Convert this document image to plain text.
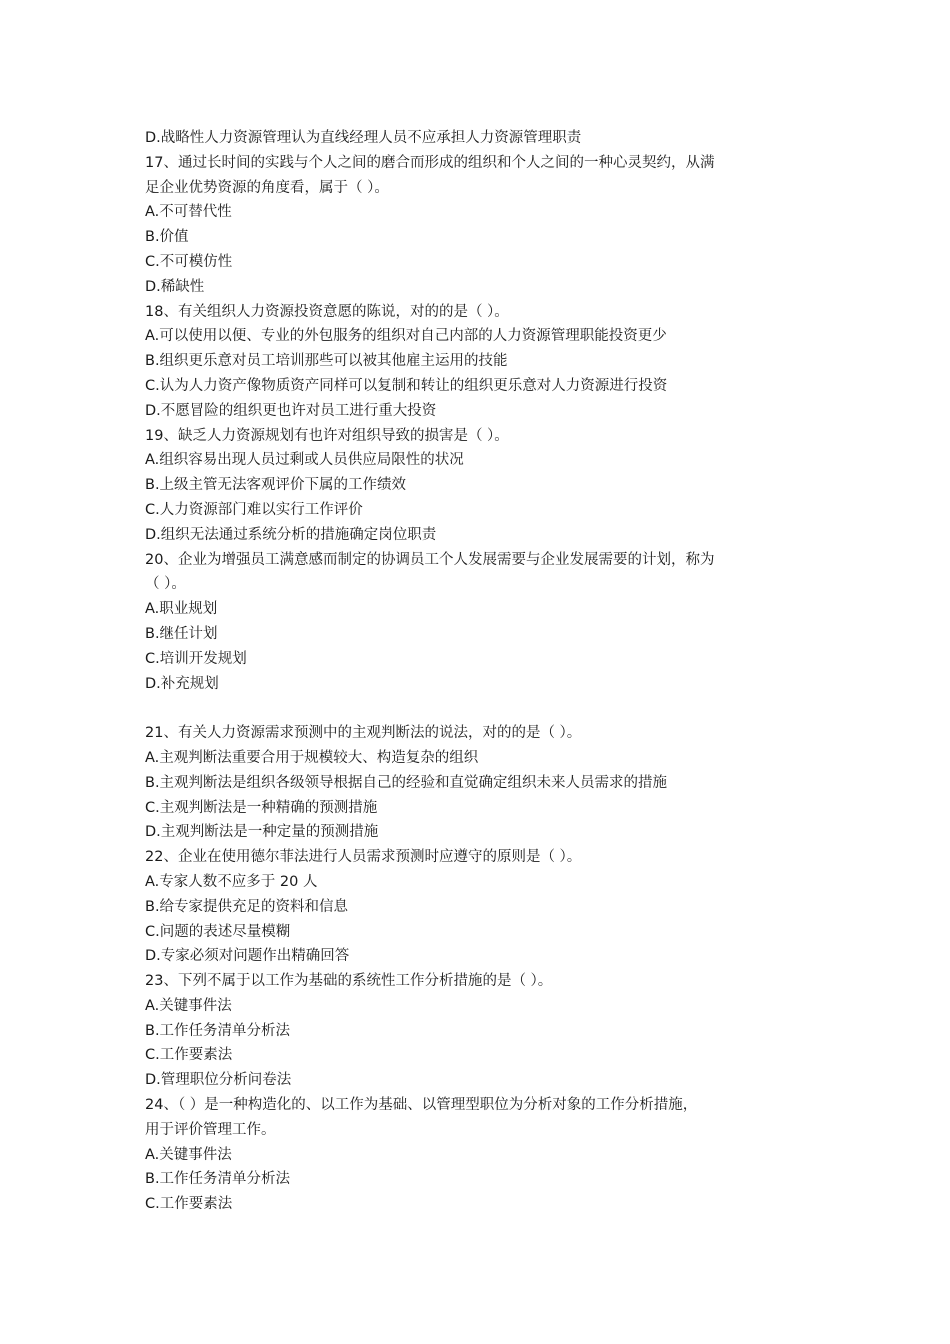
D.战略性人力资源管理认为直线经理人员不应承担人力资源管理职责
17、通过长时间的实践与个人之间的磨合而形成的组织和个人之间的一种心灵契约，从满
足企业优势资源的角度看，属于（ ）。
A.不可替代性
B.价值
C.不可模仿性
D.稀缺性
18、有关组织人力资源投资意愿的陈说，对的的是（ ）。
A.可以使用以便、专业的外包服务的组织对自己内部的人力资源管理职能投资更少
B.组织更乐意对员工培训那些可以被其他雇主运用的技能
C.认为人力资产像物质资产同样可以复制和转让的组织更乐意对人力资源进行投资
D.不愿冒险的组织更也许对员工进行重大投资
19、缺乏人力资源规划有也许对组织导致的损害是（ ）。
A.组织容易出现人员过剩或人员供应局限性的状况
B.上级主管无法客观评价下属的工作绩效
C.人力资源部门难以实行工作评价
D.组织无法通过系统分析的措施确定岗位职责
20、企业为增强员工满意感而制定的协调员工个人发展需要与企业发展需要的计划，称为
（ ）。
A.职业规划
B.继任计划
C.培训开发规划
D.补充规划
21、有关人力资源需求预测中的主观判断法的说法，对的的是（ ）。
A.主观判断法重要合用于规模较大、构造复杂的组织
B.主观判断法是组织各级领导根据自己的经验和直觉确定组织未来人员需求的措施
C.主观判断法是一种精确的预测措施
D.主观判断法是一种定量的预测措施
22、企业在使用德尔菲法进行人员需求预测时应遵守的原则是（ ）。
A.专家人数不应多于 20 人
B.给专家提供充足的资料和信息
C.问题的表述尽量模糊
D.专家必须对问题作出精确回答
23、下列不属于以工作为基础的系统性工作分析措施的是（ ）。
A.关键事件法
B.工作任务清单分析法
C.工作要素法
D.管理职位分析问卷法
24、（ ）是一种构造化的、以工作为基础、以管理型职位为分析对象的工作分析措施，
用于评价管理工作。
A.关键事件法
B.工作任务清单分析法
C.工作要素法
